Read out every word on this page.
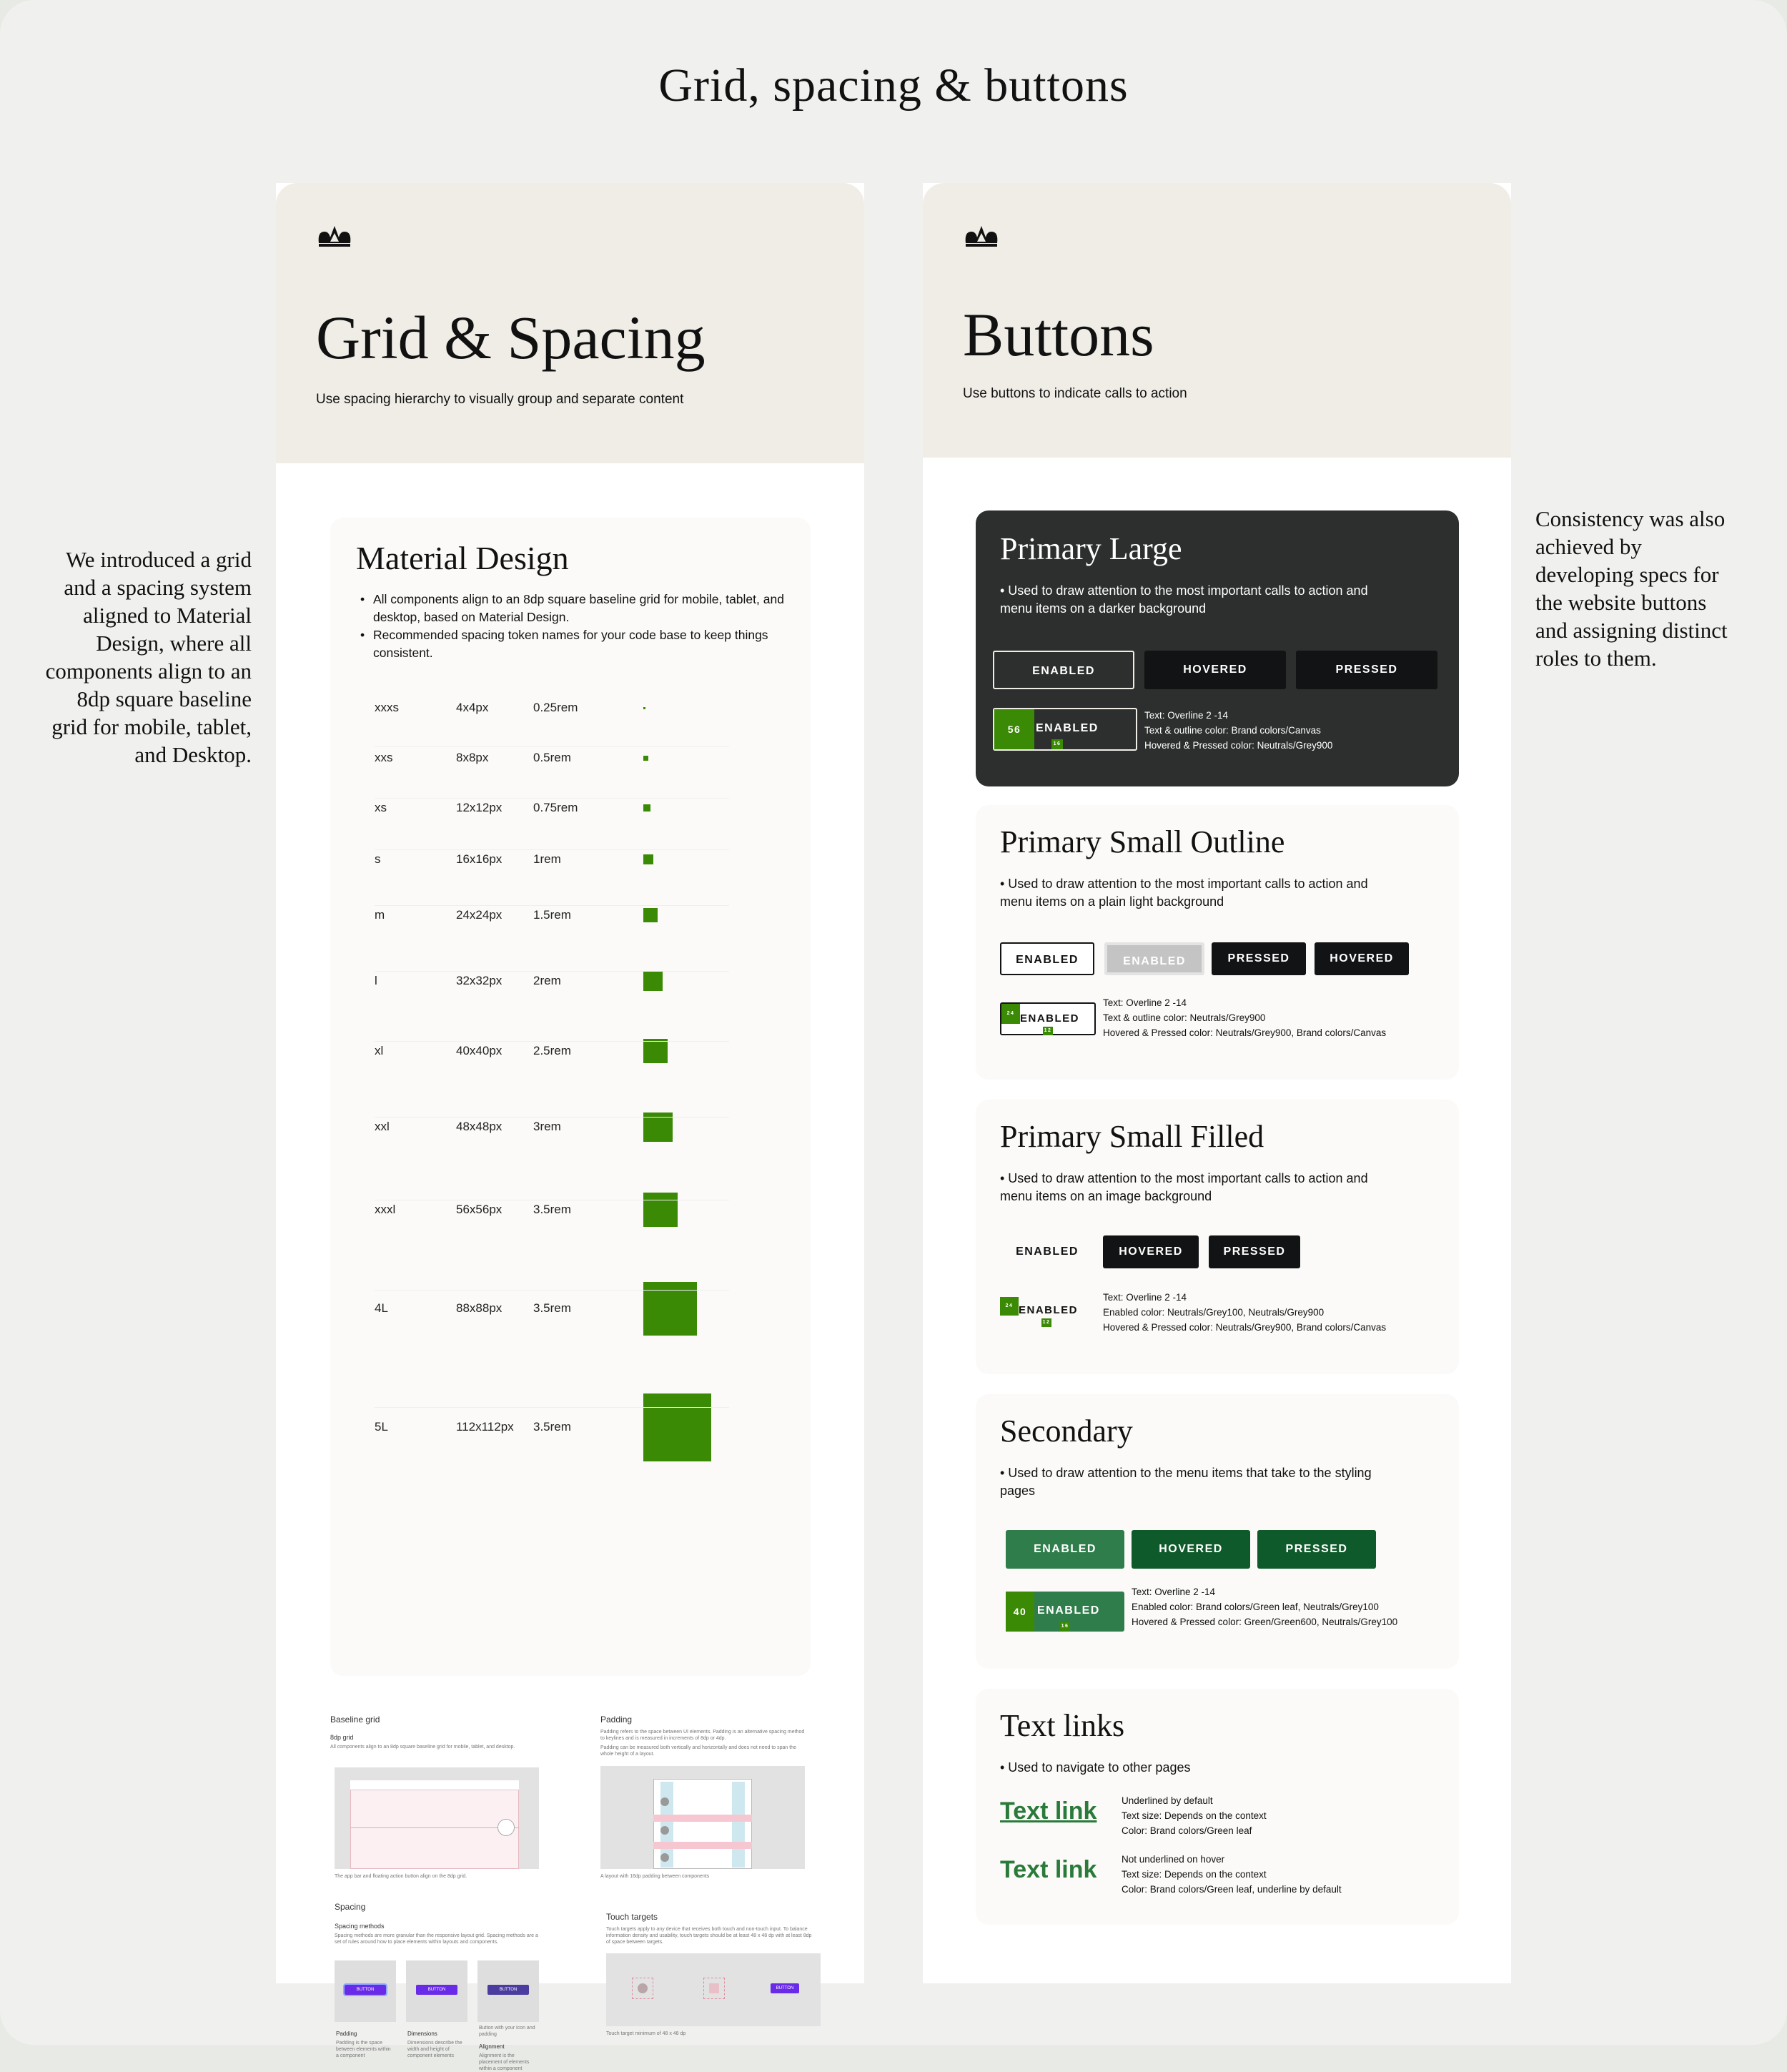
Grid, spacing & buttons
We introduced a grid and a spacing system aligned to Material Design, where all components align to an 8dp square baseline grid for mobile, tablet, and Desktop.
Consistency was also achieved by developing specs for the website buttons and assigning distinct roles to them.
Grid & Spacing
Use spacing hierarchy to visually group and separate content
Material Design
• All components align to an 8dp square baseline grid for mobile, tablet, and desktop, based on Material Design.
• Recommended spacing token names for your code base to keep things consistent.
xxxs	4x4px	0.25rem
xxs	8x8px	0.5rem
xs	12x12px	0.75rem
s	16x16px	1rem
m	24x24px	1.5rem
l	32x32px	2rem
xl	40x40px	2.5rem
xxl	48x48px	3rem
xxxl	56x56px	3.5rem
4L	88x88px	3.5rem
5L	112x112px 3.5rem
Baseline grid
8dp grid
All components align to an 8dp square baseline grid for mobile, tablet, and desktop.
The app bar and floating action button align on the 8dp grid.
Padding
Padding refers to the space between UI elements. Padding is an alternative spacing method to keylines and is measured in increments of 8dp or 4dp.
Padding can be measured both vertically and horizontally and does not need to span the whole height of a layout.
A layout with 16dp padding between components
Spacing
Spacing methods
Spacing methods are more granular than the responsive layout grid. Spacing methods are a set of rules around how to place elements within layouts and components.
BUTTON	BUTTON	BUTTON
Padding
Padding is the space between elements within a component
Dimensions
Dimensions describe the width and height of component elements
Button with your icon and padding
Alignment
Alignment is the placement of elements within a component
Touch targets
Touch targets apply to any device that receives both touch and non-touch input. To balance information density and usability, touch targets should be at least 48 x 48 dp with at least 8dp of space between targets.
BUTTON
Touch target minimum of 48 x 48 dp
Buttons
Use buttons to indicate calls to action
Primary Large
• Used to draw attention to the most important calls to action and menu items on a darker background
ENABLED	HOVERED	PRESSED
56	ENABLED
16
Text: Overline 2 -14
Text & outline color: Brand colors/Canvas
Hovered & Pressed color: Neutrals/Grey900
Primary Small Outline
• Used to draw attention to the most important calls to action and menu items on a plain light background
ENABLED	ENABLED	PRESSED	HOVERED
24 ENABLED
12
Text: Overline 2 -14
Text & outline color: Neutrals/Grey900
Hovered & Pressed color: Neutrals/Grey900, Brand colors/Canvas
Primary Small Filled
• Used to draw attention to the most important calls to action and menu items on an image background
ENABLED	HOVERED	PRESSED
24 ENABLED
12
Text: Overline 2 -14
Enabled color: Neutrals/Grey100, Neutrals/Grey900
Hovered & Pressed color: Neutrals/Grey900, Brand colors/Canvas
Secondary
• Used to draw attention to the menu items that take to the styling pages
ENABLED	HOVERED	PRESSED
40 ENABLED
16
Text: Overline 2 -14
Enabled color: Brand colors/Green leaf, Neutrals/Grey100
Hovered & Pressed color: Green/Green600, Neutrals/Grey100
Text links
• Used to navigate to other pages
Text link	Underlined by default
Text size: Depends on the context
Color: Brand colors/Green leaf
Text link	Not underlined on hover
Text size: Depends on the context
Color: Brand colors/Green leaf, underline by default
